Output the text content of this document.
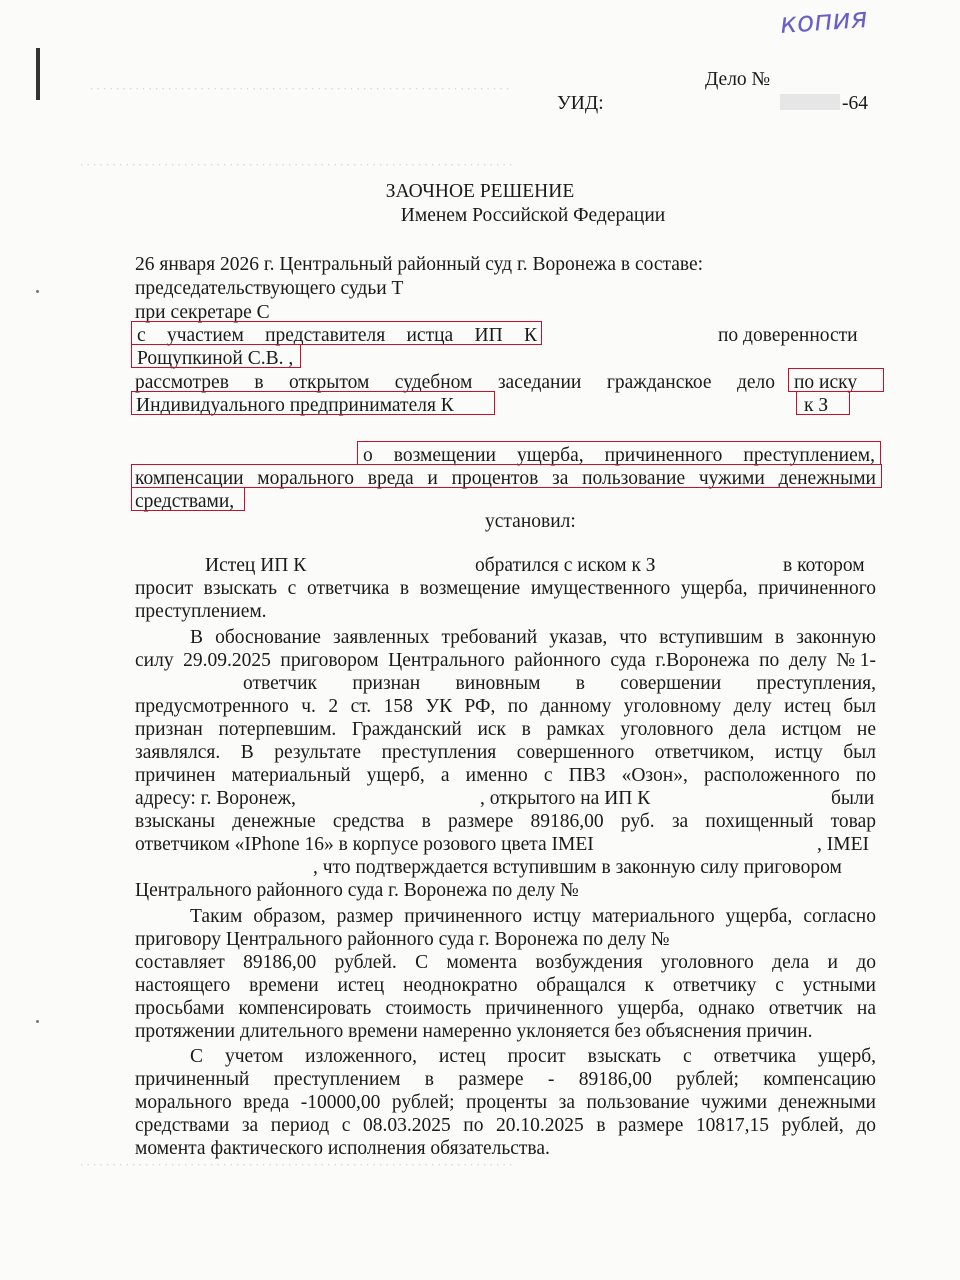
. . . . . . . . . . . . . . . . . . . . . . . . . . . . . . . . . . . . . . . . . . . . . . . . . . . . . . . . . . . . . . . . .
. . . . . . . . . . . . . . . . . . . . . . . . . . . . . . . . . . . . . . . . . . . . . . . . . . . . . . . . . . . . . . . . . . .
. . . . . . . . . . . . . . . . . . . . . . . . . . . . . . . . . . . . . . . . . . . . . . . . . . . . . . . . . . . . . . . . . . .
копия
Дело №
УИД:	-64
ЗАОЧНОЕ РЕШЕНИЕ
Именем Российской Федерации
26 января 2026 г. Центральный районный суд г. Воронежа в составе:
председательствующего судьи Т
при секретаре С
с участием представителя истца ИП К	по доверенности
Рощупкиной С.В. ,
рассмотрев в открытом судебном заседании гражданское дело по иску
Индивидуального предпринимателя К	к З
о возмещении ущерба, причиненного преступлением,
компенсации морального вреда и процентов за пользование чужими денежными
средствами,
установил:
Истец ИП К	обратился с иском к З	в котором
просит взыскать с ответчика в возмещение имущественного ущерба, причиненного
преступлением.
В обоснование заявленных требований указав, что вступившим в законную
силу 29.09.2025 приговором Центрального районного суда г.Воронежа по делу №1-
ответчик признан виновным в совершении преступления,
предусмотренного ч. 2 ст. 158 УК РФ, по данному уголовному делу истец был
признан потерпевшим. Гражданский иск в рамках уголовного дела истцом не
заявлялся. В результате преступления совершенного ответчиком, истцу был
причинен материальный ущерб, а именно с ПВЗ «Озон», расположенного по
адресу: г. Воронеж,	, открытого на ИП К	были
взысканы денежные средства в размере 89186,00 руб. за похищенный товар
ответчиком «IPhone 16» в корпусе розового цвета IMEI	, IMEI
, что подтверждается вступившим в законную силу приговором
Центрального районного суда г. Воронежа по делу №
Таким образом, размер причиненного истцу материального ущерба, согласно
приговору Центрального районного суда г. Воронежа по делу №
составляет 89186,00 рублей. С момента возбуждения уголовного дела и до
настоящего времени истец неоднократно обращался к ответчику с устными
просьбами компенсировать стоимость причиненного ущерба, однако ответчик на
протяжении длительного времени намеренно уклоняется без объяснения причин.
С учетом изложенного, истец просит взыскать с ответчика ущерб,
причиненный преступлением в размере - 89186,00 рублей; компенсацию
морального вреда -10000,00 рублей; проценты за пользование чужими денежными
средствами за период с 08.03.2025 по 20.10.2025 в размере 10817,15 рублей, до
момента фактического исполнения обязательства.
